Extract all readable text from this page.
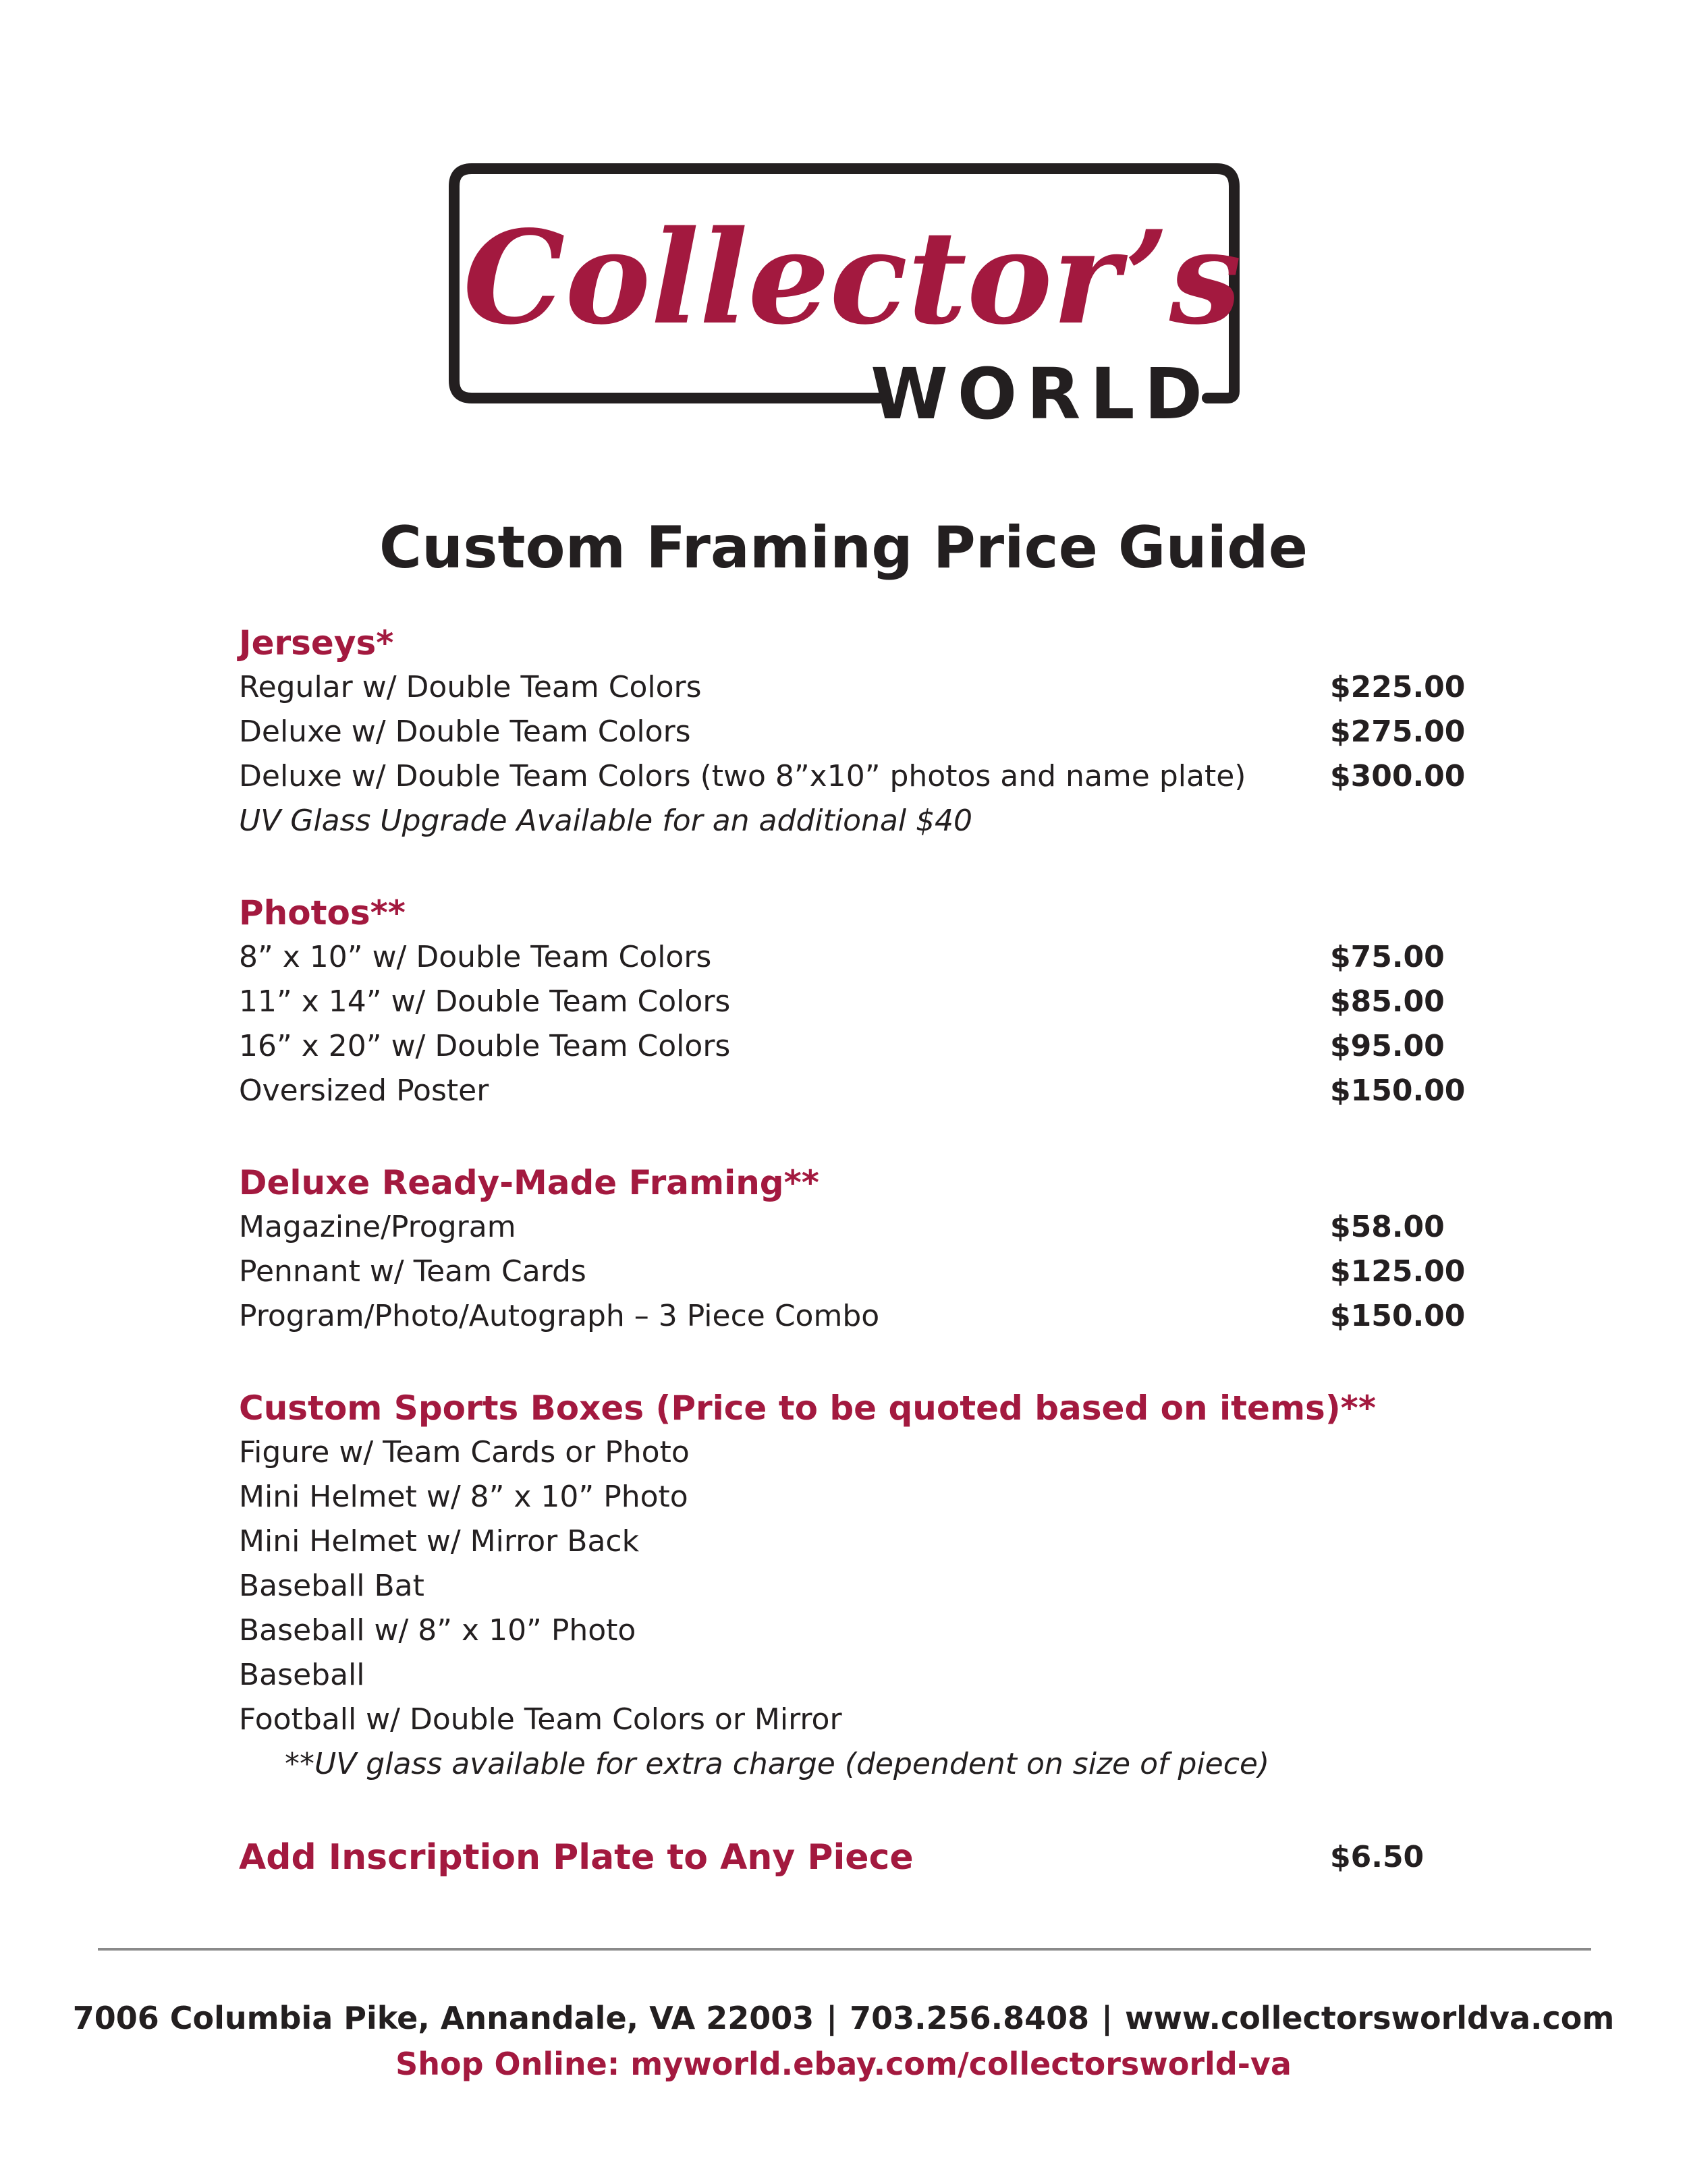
Collector’s
WORLD
Custom Framing Price Guide
Jerseys*
Regular w/ Double Team Colors	$225.00
Deluxe w/ Double Team Colors	$275.00
Deluxe w/ Double Team Colors (two 8”x10” photos and name plate)	$300.00
UV Glass Upgrade Available for an additional $40
Photos**
8” x 10” w/ Double Team Colors	$75.00
11” x 14” w/ Double Team Colors	$85.00
16” x 20” w/ Double Team Colors	$95.00
Oversized Poster	$150.00
Deluxe Ready-Made Framing**
Magazine/Program	$58.00
Pennant w/ Team Cards	$125.00
Program/Photo/Autograph – 3 Piece Combo	$150.00
Custom Sports Boxes (Price to be quoted based on items)**
Figure w/ Team Cards or Photo
Mini Helmet w/ 8” x 10” Photo
Mini Helmet w/ Mirror Back
Baseball Bat
Baseball w/ 8” x 10” Photo
Baseball
Football w/ Double Team Colors or Mirror
**UV glass available for extra charge (dependent on size of piece)
Add Inscription Plate to Any Piece	$6.50
7006 Columbia Pike, Annandale, VA 22003 | 703.256.8408 | www.collectorsworldva.com
Shop Online: myworld.ebay.com/collectorsworld-va
